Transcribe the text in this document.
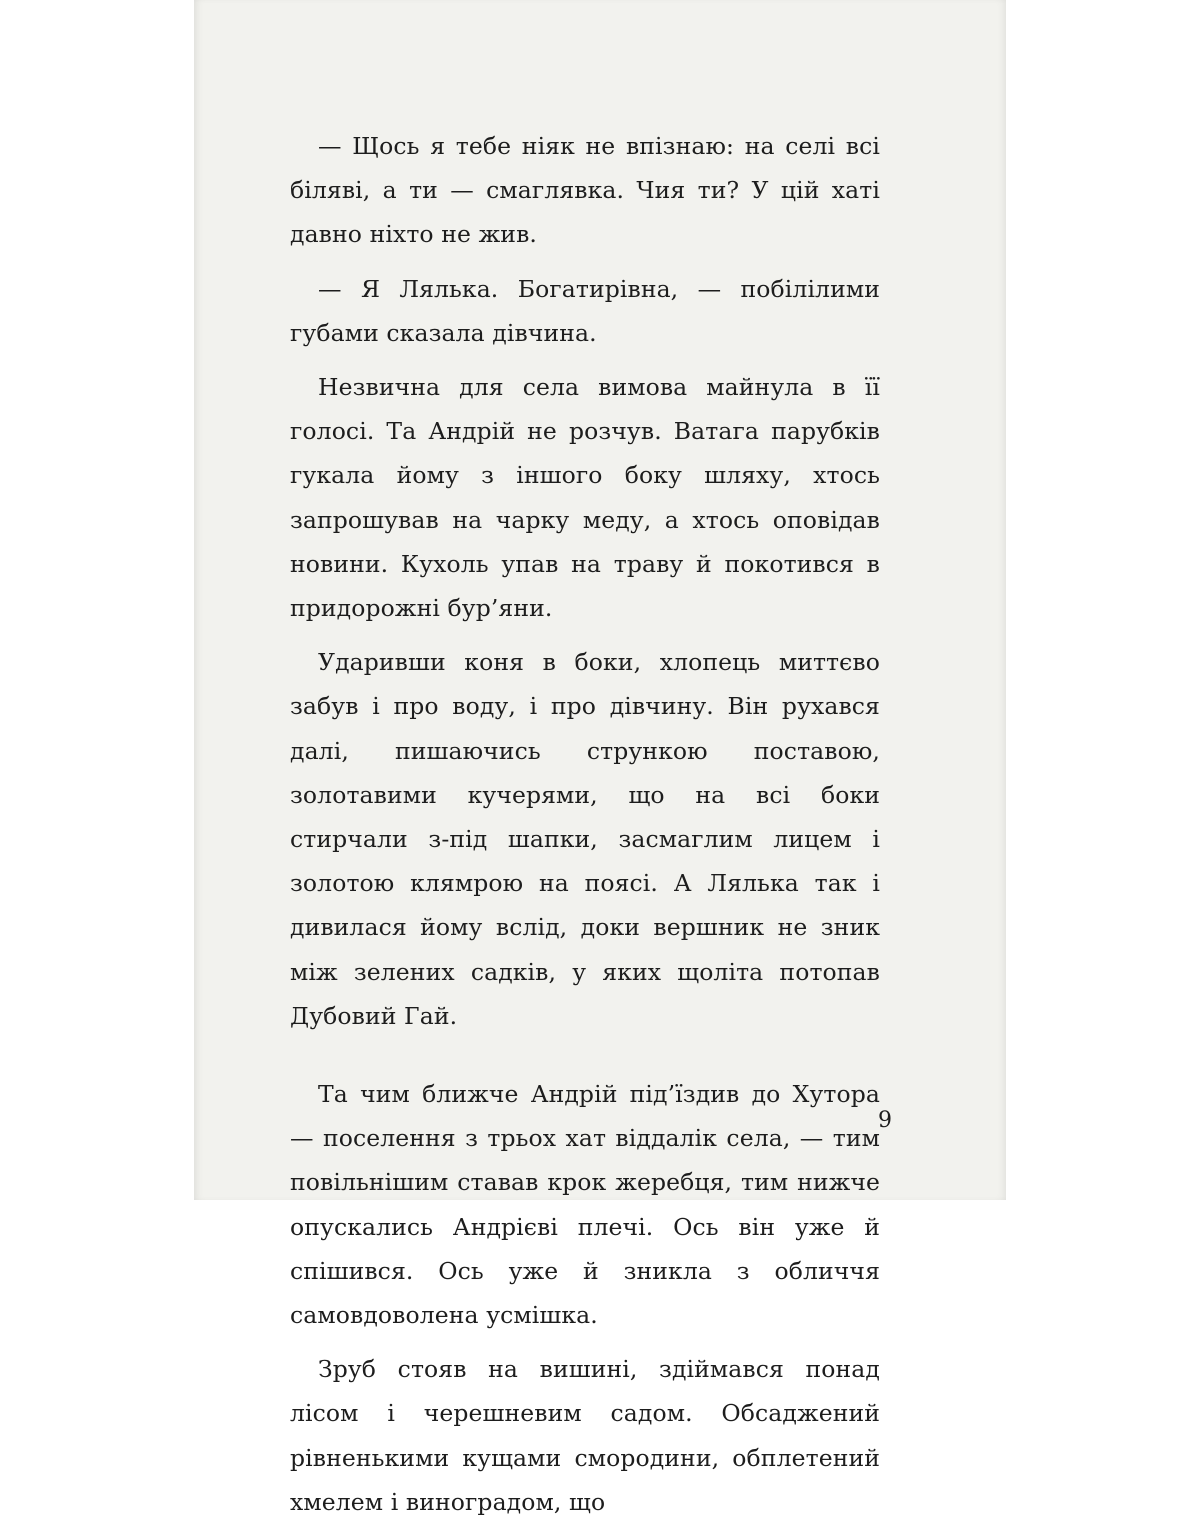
— Щось я тебе ніяк не впізнаю: на селі всі біляві, а ти — смаглявка. Чия ти? У цій хаті давно ніхто не жив.

— Я Лялька. Богатирівна, — побілілими губами сказала дівчина.

Незвична для села вимова майнула в її голосі. Та Андрій не розчув. Ватага парубків гукала йому з іншого боку шляху, хтось запрошував на чарку меду, а хтось оповідав новини. Кухоль упав на траву й покотився в придорожні бур’яни.

Ударивши коня в боки, хлопець миттєво забув і про воду, і про дівчину. Він рухався далі, пишаючись стрункою поставою, золотавими кучерями, що на всі боки стирчали з-під шапки, засмаглим лицем і золотою клямрою на поясі. А Лялька так і дивилася йому вслід, доки вершник не зник між зелених садків, у яких щоліта потопав Дубовий Гай.

Та чим ближче Андрій під’їздив до Хутора — поселення з трьох хат віддалік села, — тим повільнішим ставав крок жеребця, тим нижче опускались Андрієві плечі. Ось він уже й спішився. Ось уже й зникла з обличчя самовдоволена усмішка.

Зруб стояв на вишині, здіймався понад лісом і черешневим садом. Обсаджений рівненькими кущами смородини, обплетений хмелем і виноградом, що

9
